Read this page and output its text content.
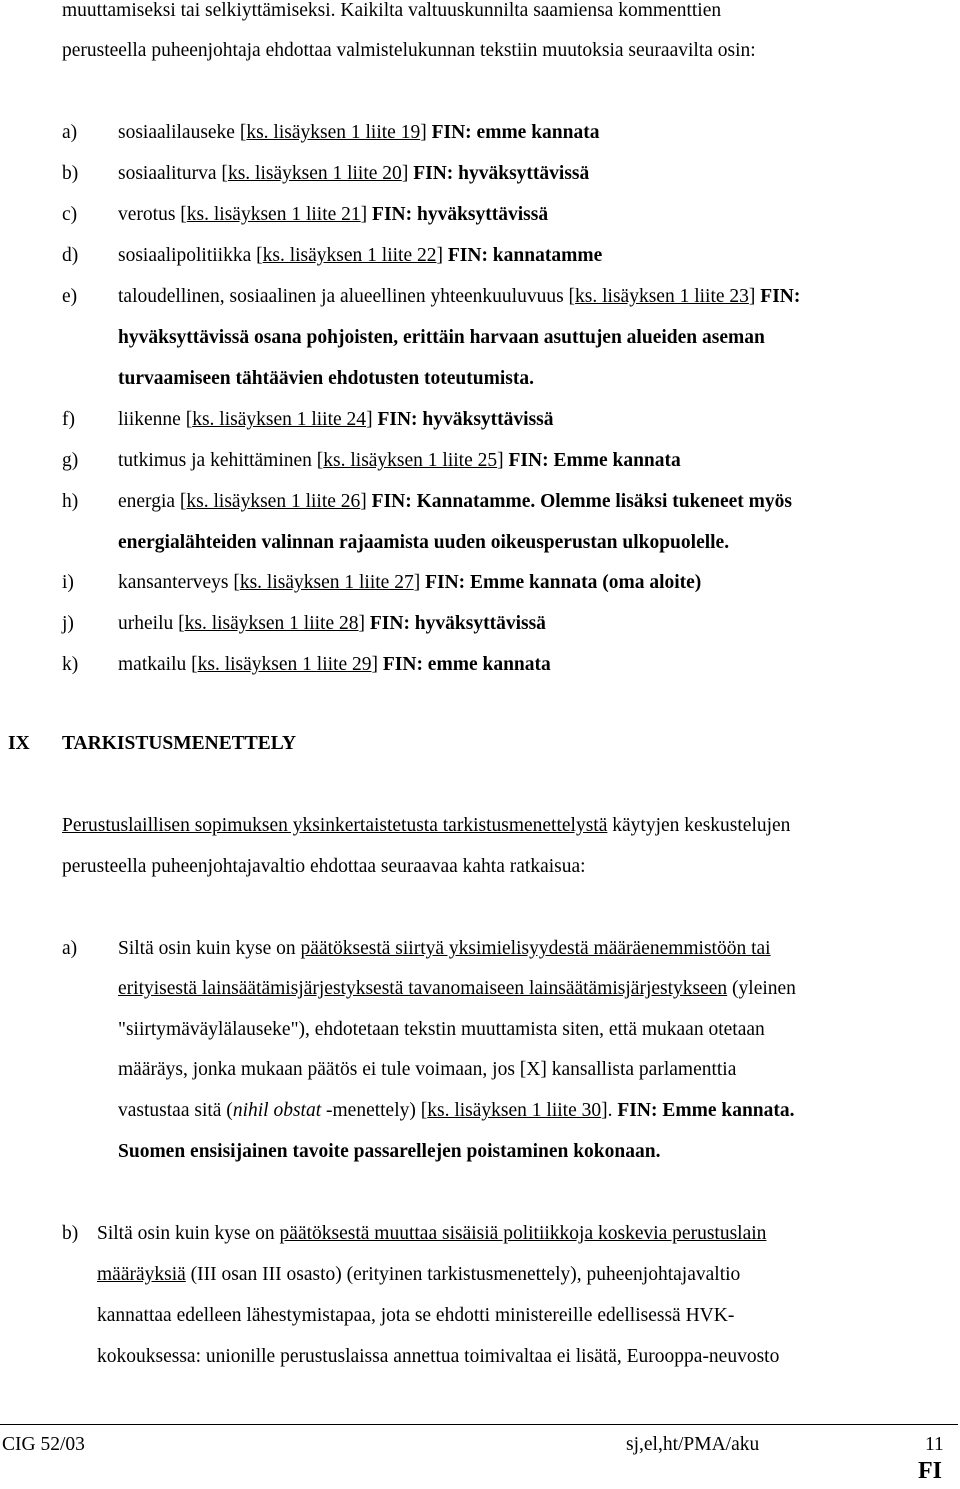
muuttamiseksi tai selkiyttämiseksi. Kaikilta valtuuskunnilta saamiensa kommenttien
perusteella puheenjohtaja ehdottaa valmistelukunnan tekstiin muutoksia seuraavilta osin:
a) sosiaalilauseke [ks. lisäyksen 1 liite 19] FIN: emme kannata
b) sosiaaliturva [ks. lisäyksen 1 liite 20] FIN: hyväksyttävissä
c) verotus [ks. lisäyksen 1 liite 21] FIN: hyväksyttävissä
d) sosiaalipolitiikka [ks. lisäyksen 1 liite 22] FIN: kannatamme
e) taloudellinen, sosiaalinen ja alueellinen yhteenkuuluvuus [ks. lisäyksen 1 liite 23] FIN:
hyväksyttävissä osana pohjoisten, erittäin harvaan asuttujen alueiden aseman
turvaamiseen tähtäävien ehdotusten toteutumista.
f) liikenne [ks. lisäyksen 1 liite 24] FIN: hyväksyttävissä
g) tutkimus ja kehittäminen [ks. lisäyksen 1 liite 25] FIN: Emme kannata
h) energia [ks. lisäyksen 1 liite 26] FIN: Kannatamme. Olemme lisäksi tukeneet myös
energialähteiden valinnan rajaamista uuden oikeusperustan ulkopuolelle.
i) kansanterveys [ks. lisäyksen 1 liite 27] FIN: Emme kannata (oma aloite)
j) urheilu [ks. lisäyksen 1 liite 28] FIN: hyväksyttävissä
k) matkailu [ks. lisäyksen 1 liite 29] FIN: emme kannata
IX TARKISTUSMENETTELY
Perustuslaillisen sopimuksen yksinkertaistetusta tarkistusmenettelystä käytyjen keskustelujen
perusteella puheenjohtajavaltio ehdottaa seuraavaa kahta ratkaisua:
a) Siltä osin kuin kyse on päätöksestä siirtyä yksimielisyydestä määräenemmistöön tai
erityisestä lainsäätämisjärjestyksestä tavanomaiseen lainsäätämisjärjestykseen (yleinen
"siirtymäväylälauseke"), ehdotetaan tekstin muuttamista siten, että mukaan otetaan
määräys, jonka mukaan päätös ei tule voimaan, jos [X] kansallista parlamenttia
vastustaa sitä (nihil obstat -menettely) [ks. lisäyksen 1 liite 30]. FIN: Emme kannata.
Suomen ensisijainen tavoite passarellejen poistaminen kokonaan.
b) Siltä osin kuin kyse on päätöksestä muuttaa sisäisiä politiikkoja koskevia perustuslain
määräyksiä (III osan III osasto) (erityinen tarkistusmenettely), puheenjohtajavaltio
kannattaa edelleen lähestymistapaa, jota se ehdotti ministereille edellisessä HVK-
kokouksessa: unionille perustuslaissa annettua toimivaltaa ei lisätä, Eurooppa-neuvosto
CIG 52/03	sj,el,ht/PMA/aku	11
FI
